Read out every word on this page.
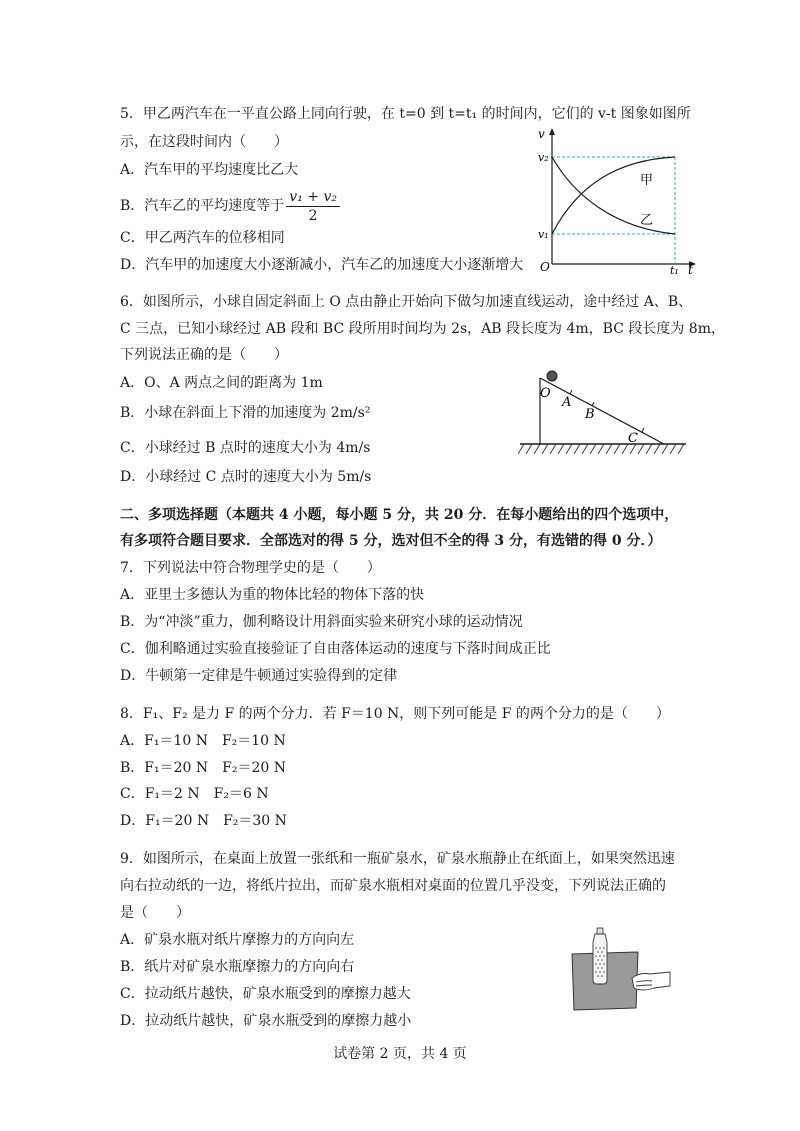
5．甲乙两汽车在一平直公路上同向行驶，在 t=0 到 t=t₁ 的时间内，它们的 v-t 图象如图所
示，在这段时间内（　　）
A．汽车甲的平均速度比乙大
B．汽车乙的平均速度等于 $\frac{\text{v₁ + v₂}}{2}$
C．甲乙两汽车的位移相同
D．汽车甲的加速度大小逐渐减小，汽车乙的加速度大小逐渐增大
v
v₂
v₁
O	t₁ t
甲
乙
6．如图所示，小球自固定斜面上 O 点由静止开始向下做匀加速直线运动，途中经过 A、B、
C 三点，已知小球经过 AB 段和 BC 段所用时间均为 2s，AB 段长度为 4m，BC 段长度为 8m，
下列说法正确的是（　　）
A．O、A 两点之间的距离为 1m
B．小球在斜面上下滑的加速度为 2m/s²
C．小球经过 B 点时的速度大小为 4m/s
D．小球经过 C 点时的速度大小为 5m/s
O
A
B
C
二、多项选择题（本题共 4 小题，每小题 5 分，共 20 分．在每小题给出的四个选项中，
有多项符合题目要求．全部选对的得 5 分，选对但不全的得 3 分，有选错的得 0 分．）
7．下列说法中符合物理学史的是（　　）
A．亚里士多德认为重的物体比轻的物体下落的快
B．为“冲淡”重力，伽利略设计用斜面实验来研究小球的运动情况
C．伽利略通过实验直接验证了自由落体运动的速度与下落时间成正比
D．牛顿第一定律是牛顿通过实验得到的定律
8．F₁、F₂ 是力 F 的两个分力．若 F＝10 N，则下列可能是 F 的两个分力的是（　　）
A．F₁＝10 N　F₂＝10 N
B．F₁＝20 N　F₂＝20 N
C．F₁＝2 N　F₂＝6 N
D．F₁＝20 N　F₂＝30 N
9．如图所示，在桌面上放置一张纸和一瓶矿泉水，矿泉水瓶静止在纸面上，如果突然迅速
向右拉动纸的一边，将纸片拉出，而矿泉水瓶相对桌面的位置几乎没变，下列说法正确的
是（　　）
A．矿泉水瓶对纸片摩擦力的方向向左
B．纸片对矿泉水瓶摩擦力的方向向右
C．拉动纸片越快，矿泉水瓶受到的摩擦力越大
D．拉动纸片越快，矿泉水瓶受到的摩擦力越小
试卷第 2 页，共 4 页
